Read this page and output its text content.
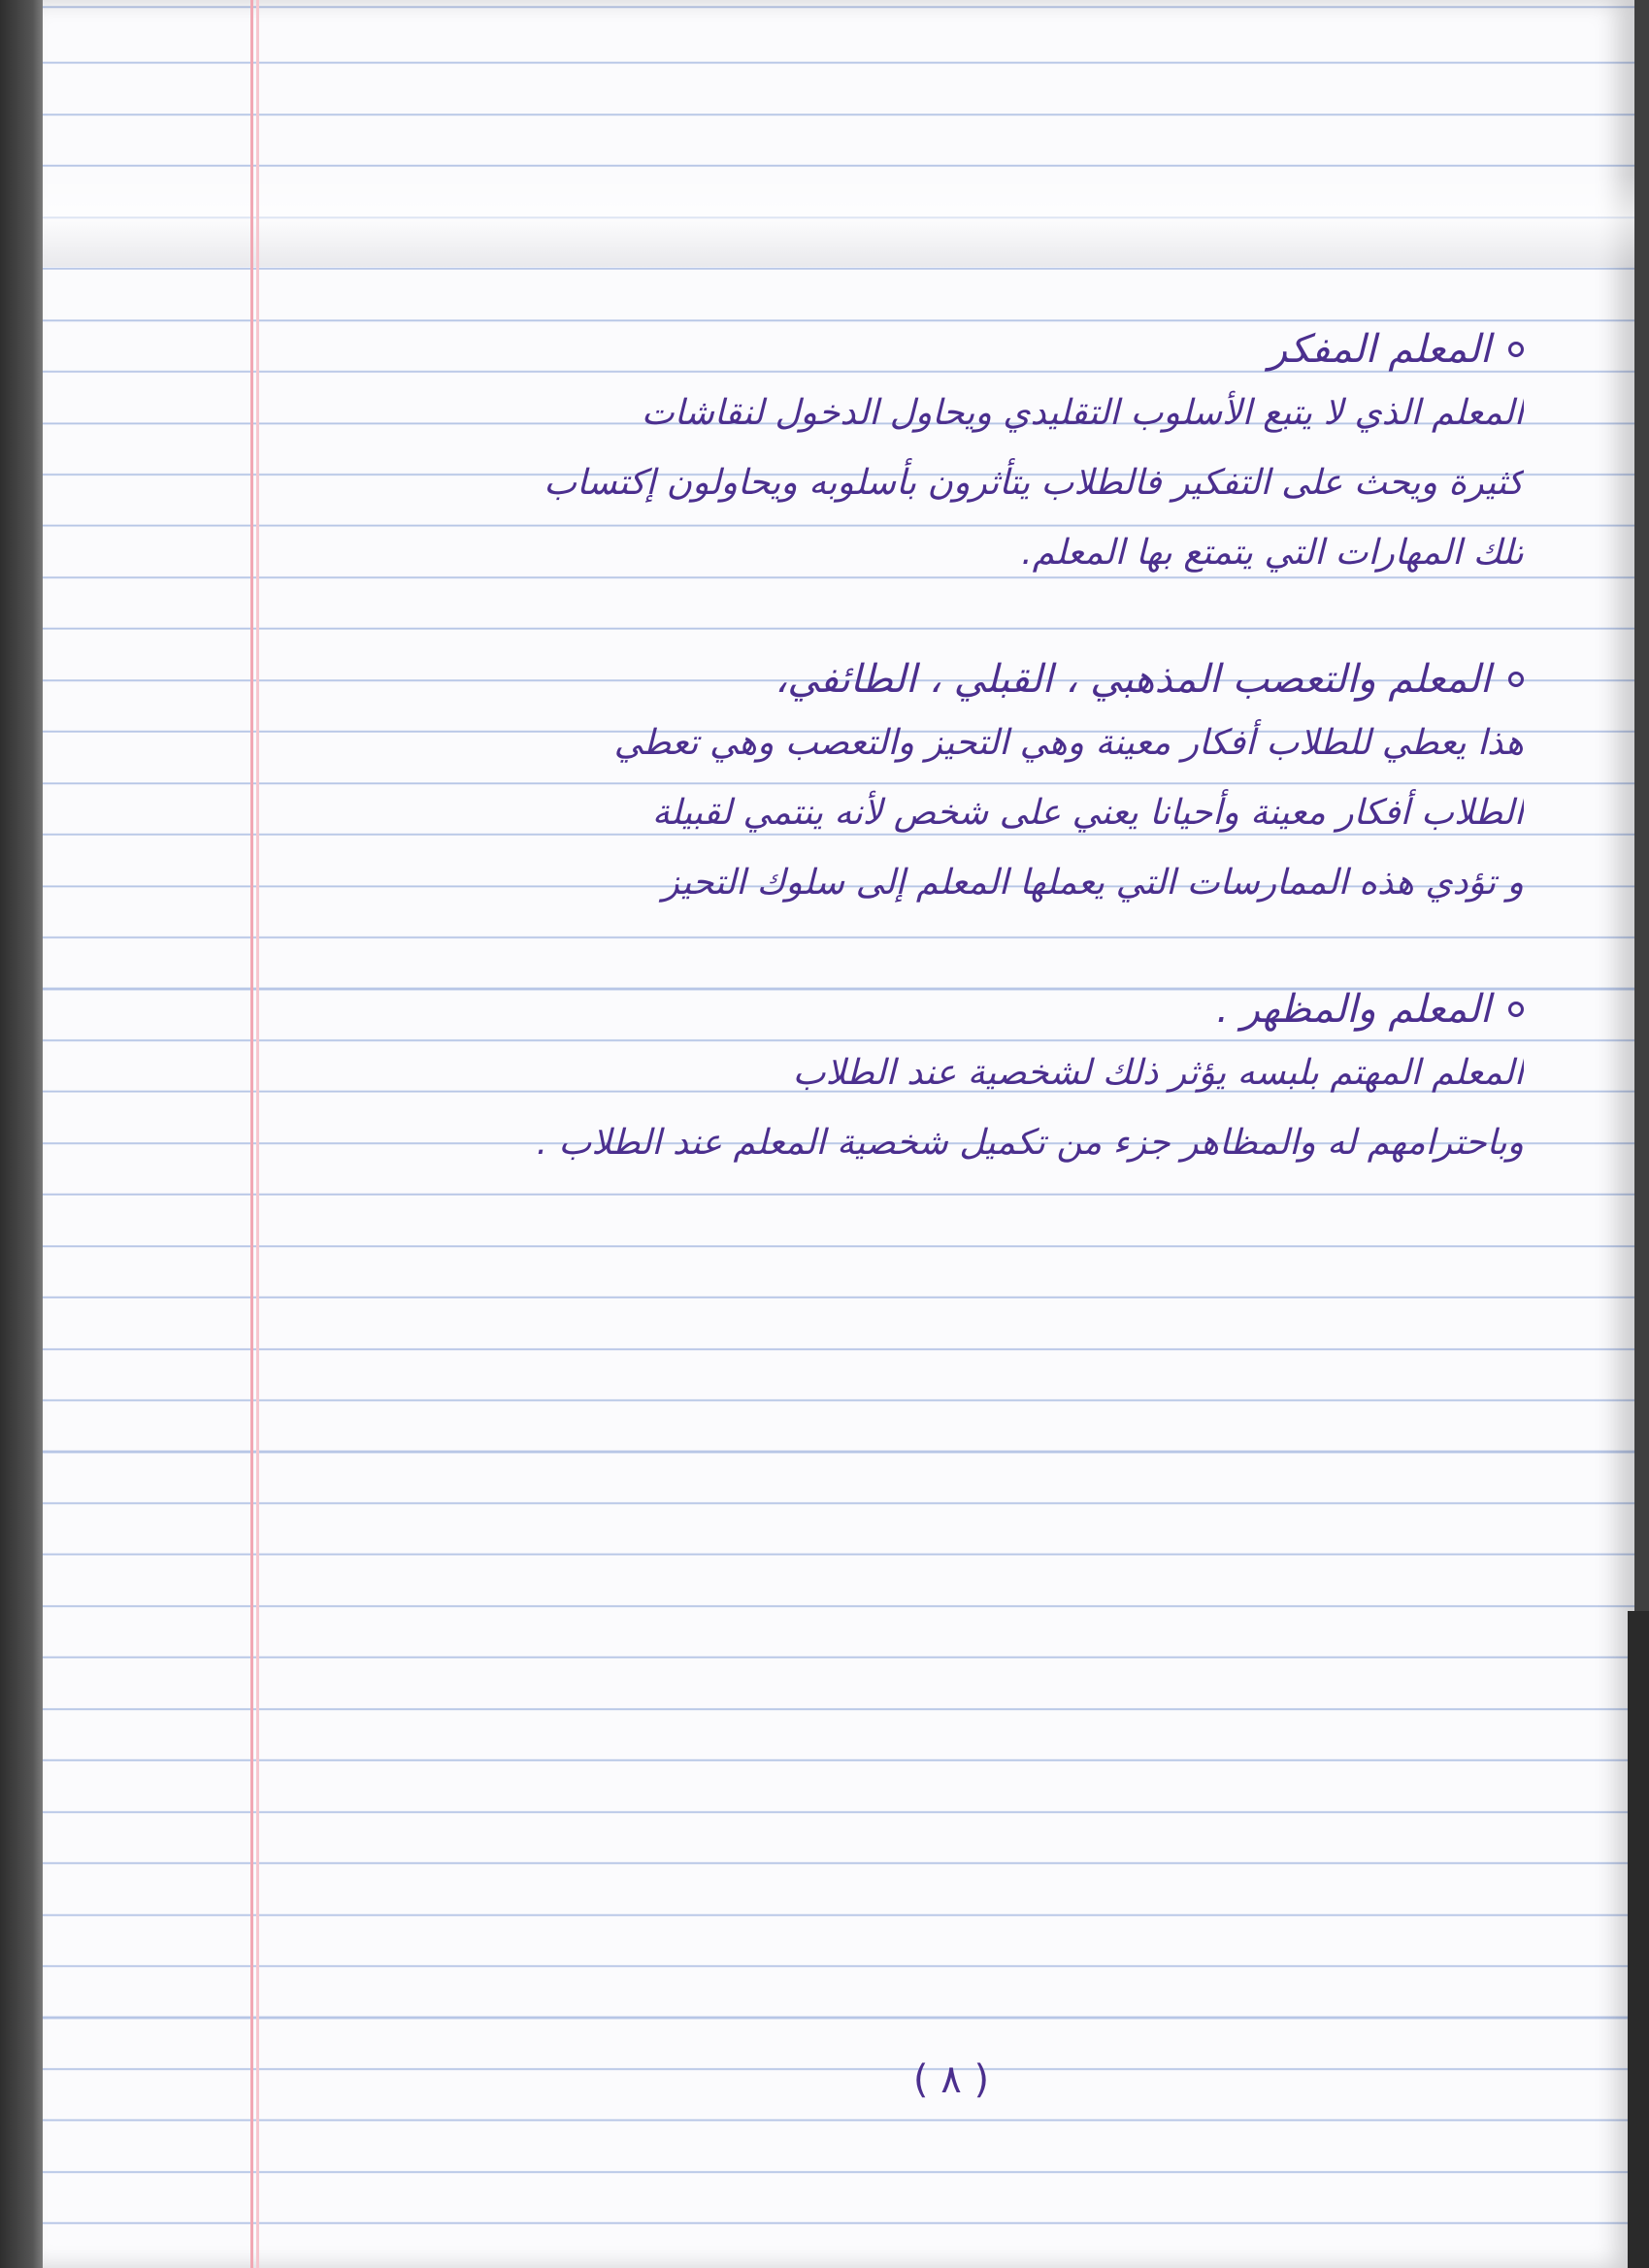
المعلم المفكر
المعلم الذي لا يتبع الأسلوب التقليدي ويحاول الدخول لنقاشات
كثيرة ويحث على التفكير فالطلاب يتأثرون بأسلوبه ويحاولون إكتساب
تلك المهارات التي يتمتع بها المعلم.
المعلم والتعصب المذهبي ، القبلي ، الطائفي،
هذا يعطي للطلاب أفكار معينة وهي التحيز والتعصب وهي تعطي
الطلاب أفكار معينة وأحيانا يعني على شخص لأنه ينتمي لقبيلة
و تؤدي هذه الممارسات التي يعملها المعلم إلى سلوك التحيز
المعلم والمظهر .
المعلم المهتم بلبسه يؤثر ذلك لشخصية عند الطلاب
وباحترامهم له والمظاهر جزء من تكميل شخصية المعلم عند الطلاب .
( ٨ )
